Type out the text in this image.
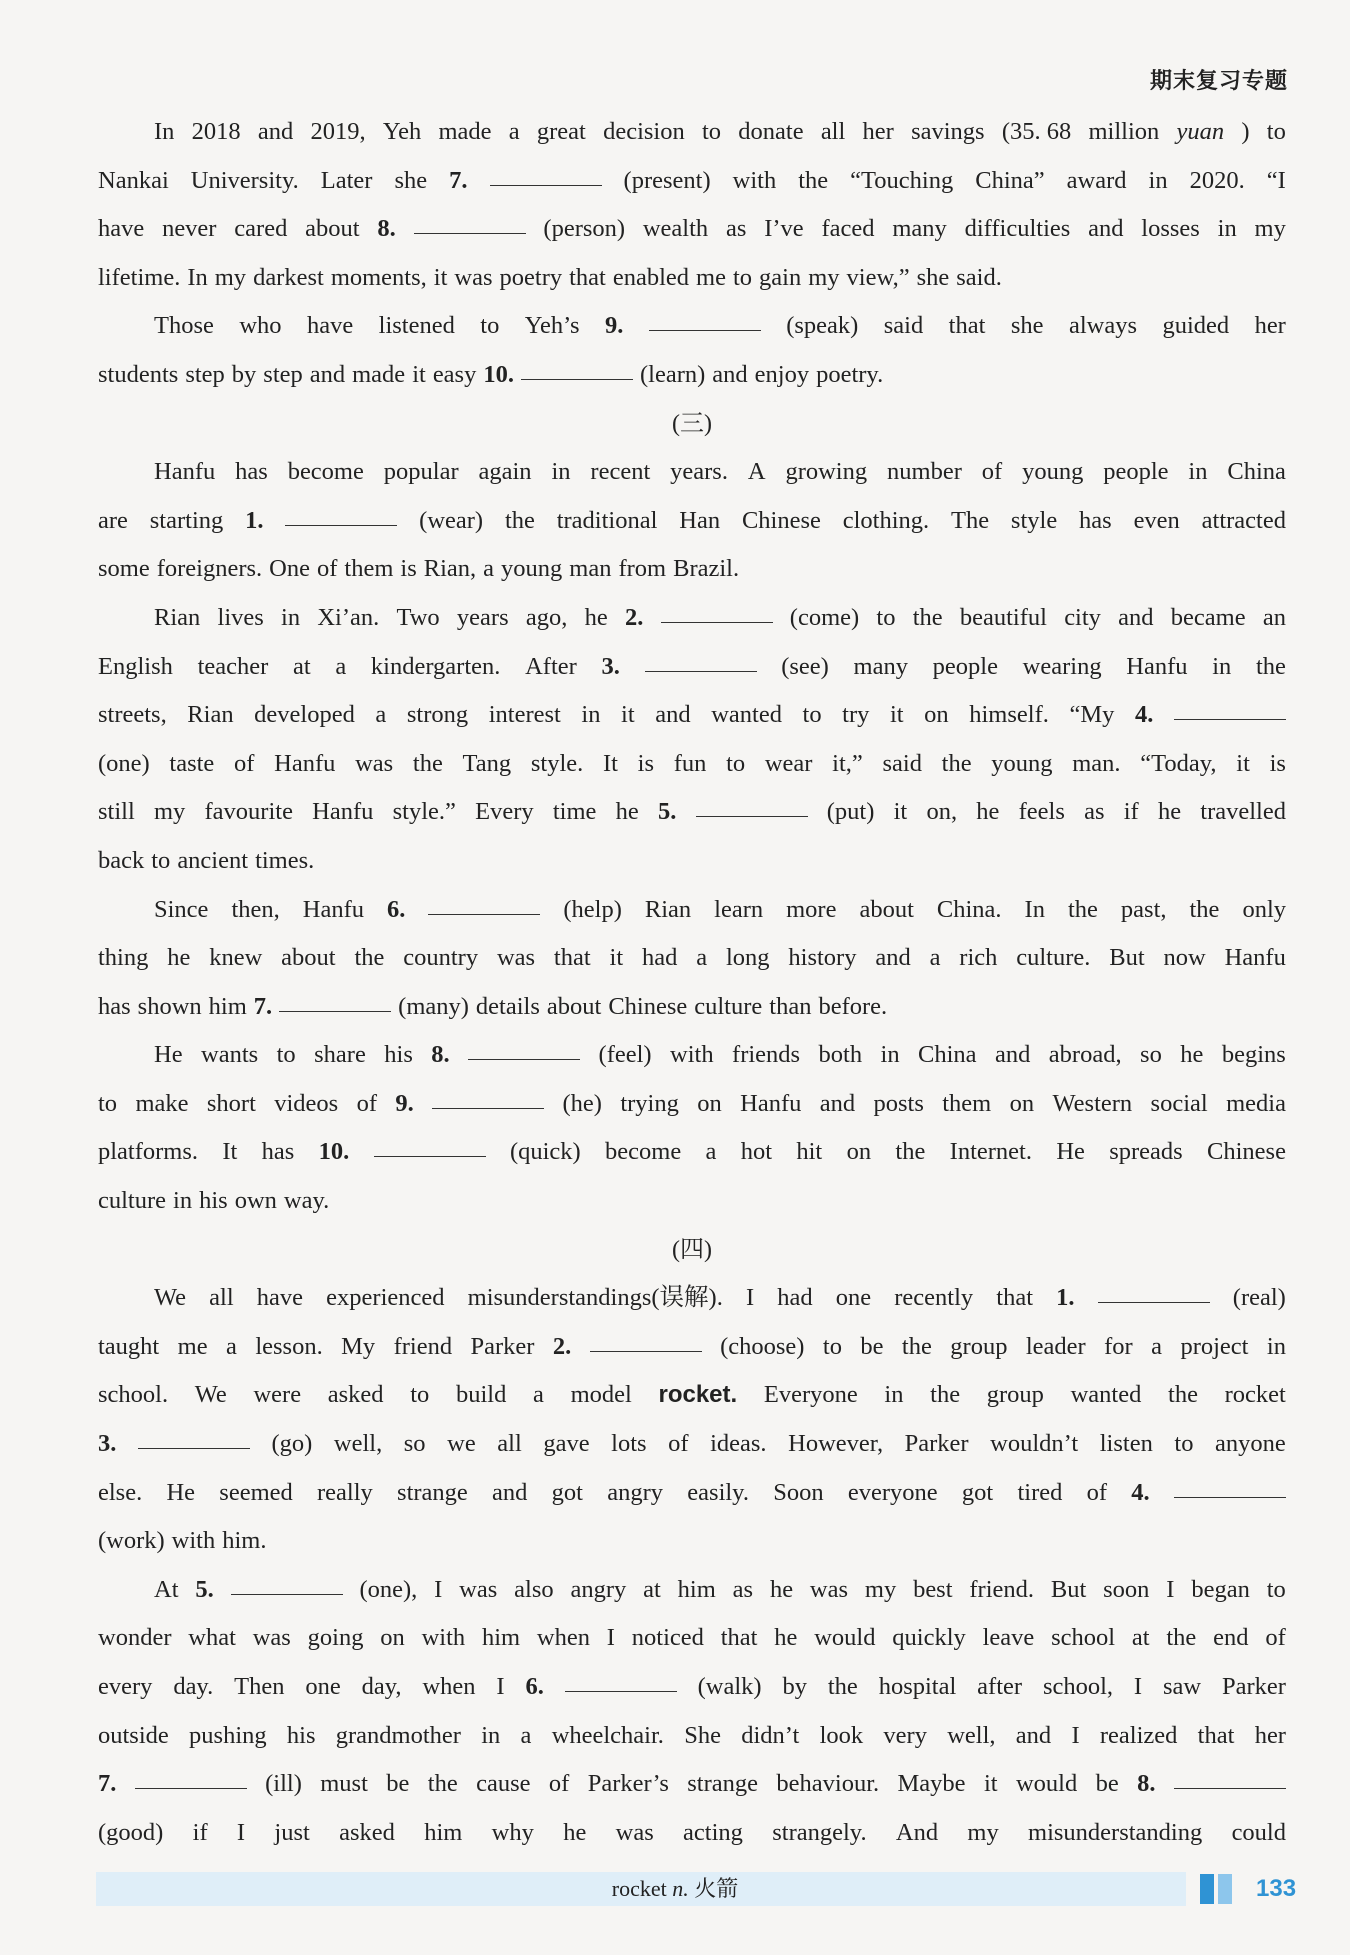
期末复习专题
In 2018 and 2019, Yeh made a great decision to donate all her savings (35. 68 million yuan ) to
Nankai University. Later she 7.	(present) with the “Touching China” award in 2020. “I
have never cared about 8.	(person) wealth as I’ve faced many difficulties and losses in my
lifetime. In my darkest moments, it was poetry that enabled me to gain my view,” she said.
Those who have listened to Yeh’s 9.	(speak) said that she always guided her
students step by step and made it easy 10.	(learn) and enjoy poetry.
(三)
Hanfu has become popular again in recent years. A growing number of young people in China
are starting 1.	(wear) the traditional Han Chinese clothing. The style has even attracted
some foreigners. One of them is Rian, a young man from Brazil.
Rian lives in Xi’an. Two years ago, he 2.	(come) to the beautiful city and became an
English teacher at a kindergarten. After 3.	(see) many people wearing Hanfu in the
streets, Rian developed a strong interest in it and wanted to try it on himself. “My 4.
(one) taste of Hanfu was the Tang style. It is fun to wear it,” said the young man. “Today, it is
still my favourite Hanfu style.” Every time he 5.	(put) it on, he feels as if he travelled
back to ancient times.
Since then, Hanfu 6.	(help) Rian learn more about China. In the past, the only
thing he knew about the country was that it had a long history and a rich culture. But now Hanfu
has shown him 7.	(many) details about Chinese culture than before.
He wants to share his 8.	(feel) with friends both in China and abroad, so he begins
to make short videos of 9.	(he) trying on Hanfu and posts them on Western social media
platforms. It has 10.	(quick) become a hot hit on the Internet. He spreads Chinese
culture in his own way.
(四)
We all have experienced misunderstandings(误解). I had one recently that 1.	(real)
taught me a lesson. My friend Parker 2.	(choose) to be the group leader for a project in
school. We were asked to build a model rocket. Everyone in the group wanted the rocket
3.	(go) well, so we all gave lots of ideas. However, Parker wouldn’t listen to anyone
else. He seemed really strange and got angry easily. Soon everyone got tired of 4.
(work) with him.
At 5.	(one), I was also angry at him as he was my best friend. But soon I began to
wonder what was going on with him when I noticed that he would quickly leave school at the end of
every day. Then one day, when I 6.	(walk) by the hospital after school, I saw Parker
outside pushing his grandmother in a wheelchair. She didn’t look very well, and I realized that her
7.	(ill) must be the cause of Parker’s strange behaviour. Maybe it would be 8.
(good) if I just asked him why he was acting strangely. And my misunderstanding could
rocket n. 火箭	133
